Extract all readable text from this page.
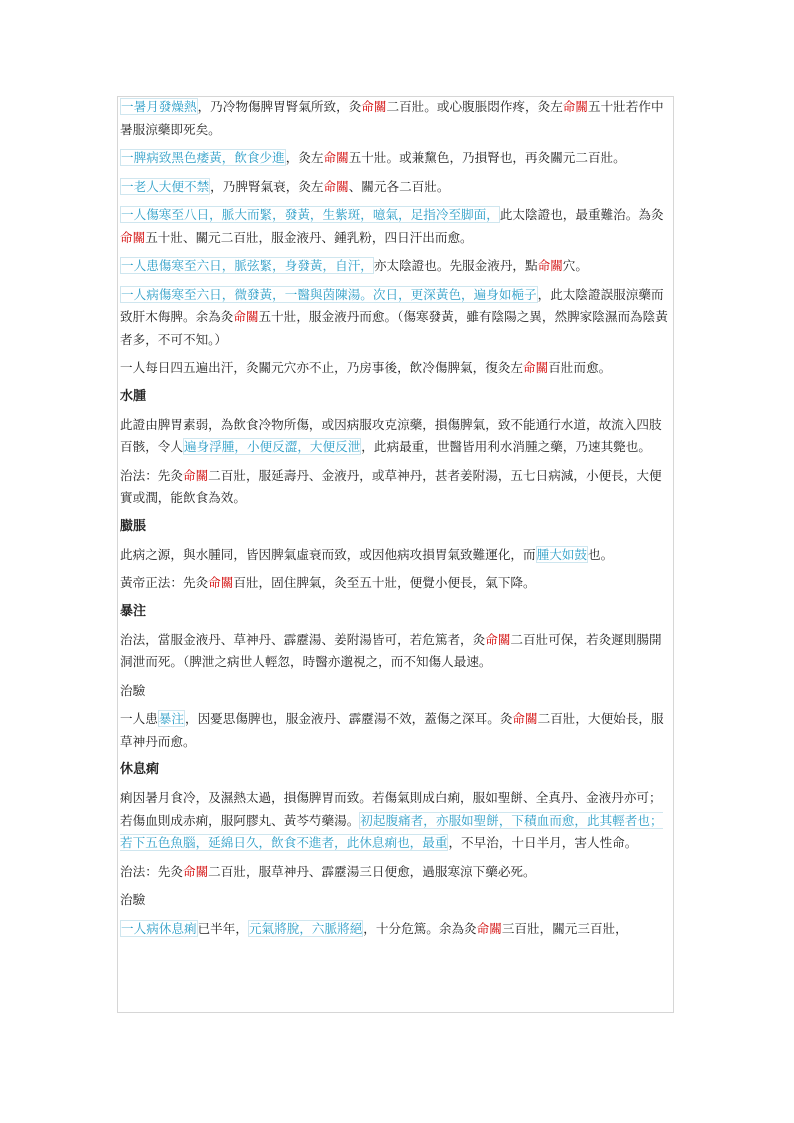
一暑月發燥熱，乃冷物傷脾胃腎氣所致，灸命關二百壯。或心腹脹悶作疼，灸左命關五十壯若作中暑服涼藥即死矣。
一脾病致黑色痿黃，飲食少進，灸左命關五十壯。或兼黧色，乃損腎也，再灸關元二百壯。
一老人大便不禁，乃脾腎氣衰，灸左命關、關元各二百壯。
一人傷寒至八日，脈大而緊，發黃，生紫斑，噫氣，足指冷至脚面，此太陰證也，最重難治。為灸命關五十壯、關元二百壯，服金液丹、鍾乳粉，四日汗出而愈。
一人患傷寒至六日，脈弦緊，身發黃，自汗，亦太陰證也。先服金液丹，點命關穴。
一人病傷寒至六日，微發黃，一醫與茵陳湯。次日，更深黃色，遍身如梔子，此太陰證誤服涼藥而致肝木侮脾。余為灸命關五十壯，服金液丹而愈。（傷寒發黃，雖有陰陽之異，然脾家陰濕而為陰黃者多，不可不知。）
一人每日四五遍出汗，灸關元穴亦不止，乃房事後，飲冷傷脾氣，復灸左命關百壯而愈。
水腫
此證由脾胃素弱，為飲食冷物所傷，或因病服攻克涼藥，損傷脾氣，致不能通行水道，故流入四肢百骸，令人遍身浮腫，小便反澀，大便反泄，此病最重，世醫皆用利水消腫之藥，乃速其斃也。
治法：先灸命關二百壯，服延壽丹、金液丹，或草神丹，甚者姜附湯，五七日病減，小便長，大便實或潤，能飲食為效。
臌脹
此病之源，與水腫同，皆因脾氣虛衰而致，或因他病攻損胃氣致難運化，而腫大如鼓也。
黃帝正法：先灸命關百壯，固住脾氣，灸至五十壯，便覺小便長，氣下降。
暴注
治法，當服金液丹、草神丹、霹靂湯、姜附湯皆可，若危篤者，灸命關二百壯可保，若灸遲則腸開洞泄而死。（脾泄之病世人輕忽，時醫亦邈視之，而不知傷人最速。
治驗
一人患暴注，因憂思傷脾也，服金液丹、霹靂湯不效，蓋傷之深耳。灸命關二百壯，大便始長，服草神丹而愈。
休息痢
痢因暑月食冷，及濕熱太過，損傷脾胃而致。若傷氣則成白痢，服如聖餅、全真丹、金液丹亦可；若傷血則成赤痢，服阿膠丸、黃芩芍藥湯。初起腹痛者，亦服如聖餅，下積血而愈，此其輕者也；若下五色魚腦，延綿日久，飲食不進者，此休息痢也，最重，不早治，十日半月，害人性命。
治法：先灸命關二百壯，服草神丹、霹靂湯三日便愈，過服寒涼下藥必死。
治驗
一人病休息痢已半年，元氣將脫，六脈將絕，十分危篤。余為灸命關三百壯，關元三百壯，
